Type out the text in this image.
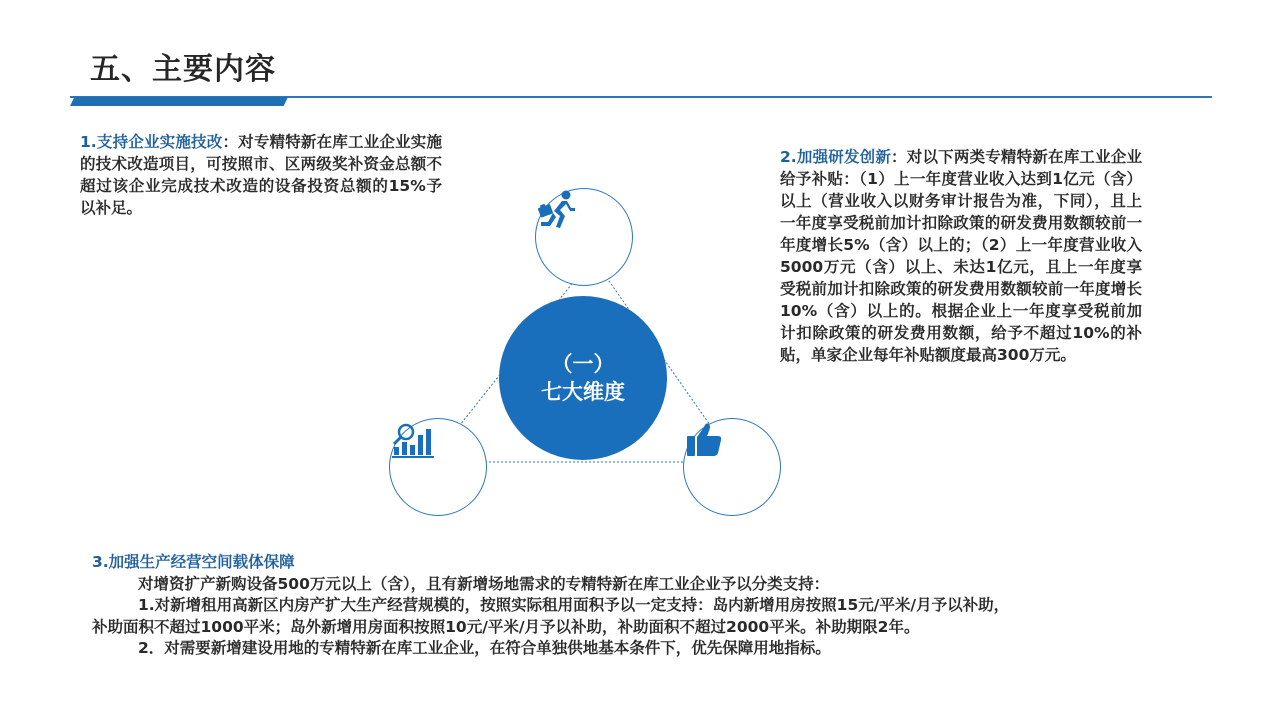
五、主要内容
1.支持企业实施技改：对专精特新在库工业企业实施的技术改造项目，可按照市、区两级奖补资金总额不超过该企业完成技术改造的设备投资总额的15%予以补足。
2.加强研发创新：对以下两类专精特新在库工业企业给予补贴：（1）上一年度营业收入达到1亿元（含）以上（营业收入以财务审计报告为准，下同），且上一年度享受税前加计扣除政策的研发费用数额较前一年度增长5%（含）以上的；（2）上一年度营业收入5000万元（含）以上、未达1亿元，且上一年度享受税前加计扣除政策的研发费用数额较前一年度增长10%（含）以上的。根据企业上一年度享受税前加计扣除政策的研发费用数额，给予不超过10%的补贴，单家企业每年补贴额度最高300万元。
（一）
七大维度
3.加强生产经营空间载体保障
对增资扩产新购设备500万元以上（含），且有新增场地需求的专精特新在库工业企业予以分类支持：
1.对新增租用高新区内房产扩大生产经营规模的，按照实际租用面积予以一定支持：岛内新增用房按照15元/平米/月予以补助，
补助面积不超过1000平米；岛外新增用房面积按照10元/平米/月予以补助，补助面积不超过2000平米。补助期限2年。
2．对需要新增建设用地的专精特新在库工业企业，在符合单独供地基本条件下，优先保障用地指标。
